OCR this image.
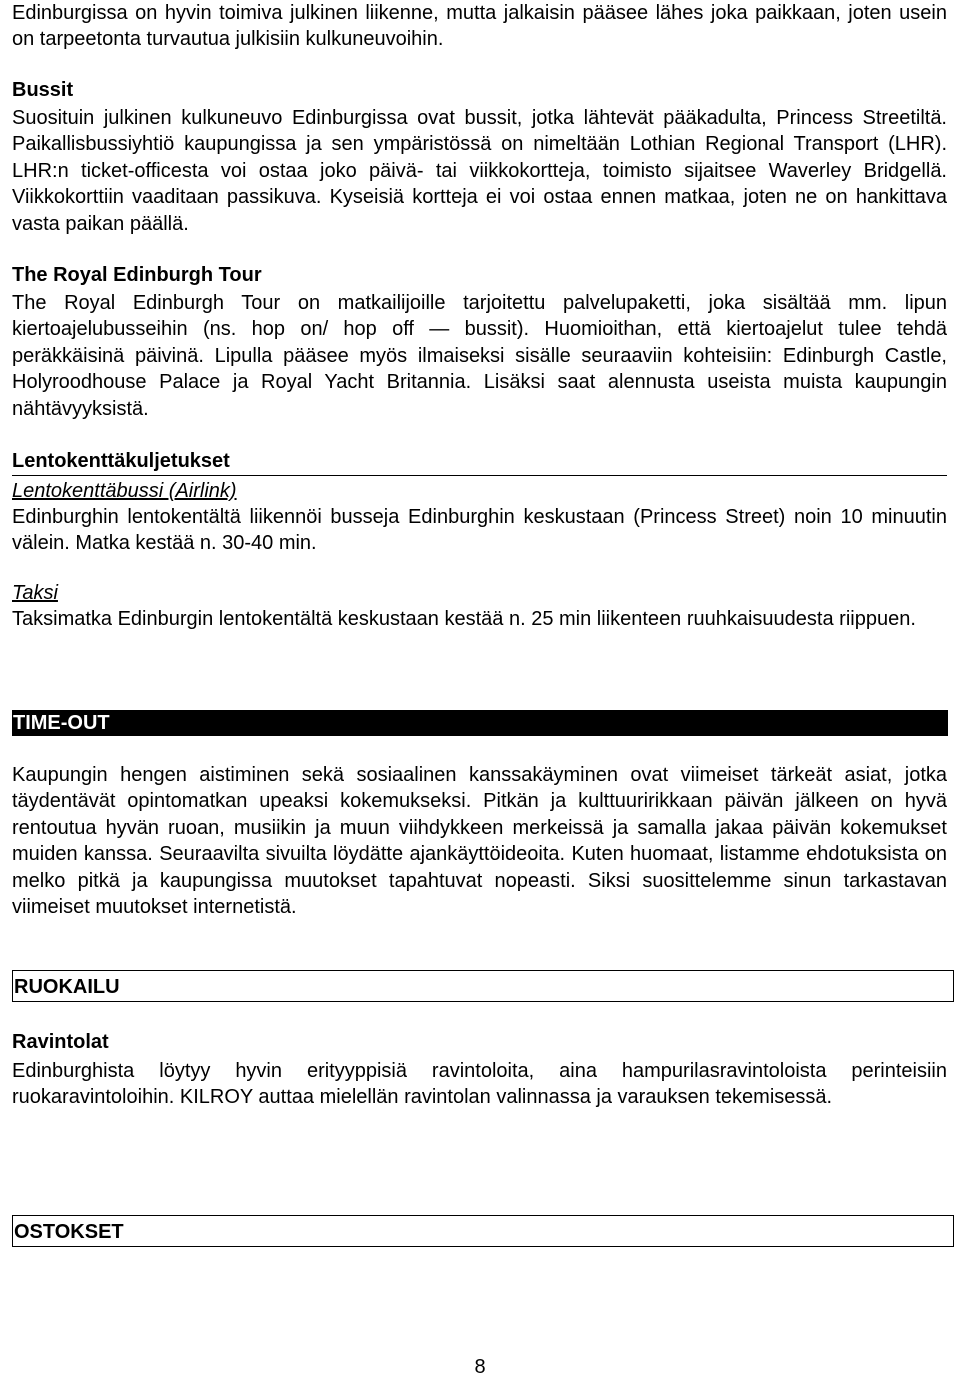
Edinburgissa on hyvin toimiva julkinen liikenne, mutta jalkaisin pääsee lähes joka paikkaan, joten usein on tarpeetonta turvautua julkisiin kulkuneuvoihin.

Bussit

Suosituin julkinen kulkuneuvo Edinburgissa ovat bussit, jotka lähtevät pääkadulta, Princess Streetiltä. Paikallisbussiyhtiö kaupungissa ja sen ympäristössä on nimeltään Lothian Regional Transport (LHR). LHR:n ticket-officesta voi ostaa joko päivä- tai viikkokortteja, toimisto sijaitsee Waverley Bridgellä. Viikkokorttiin vaaditaan passikuva. Kyseisiä kortteja ei voi ostaa ennen matkaa, joten ne on hankittava vasta paikan päällä.

The Royal Edinburgh Tour

The Royal Edinburgh Tour on matkailijoille tarjoitettu palvelupaketti, joka sisältää mm. lipun kiertoajelubusseihin (ns. hop on/ hop off — bussit). Huomioithan, että kiertoajelut tulee tehdä peräkkäisinä päivinä. Lipulla pääsee myös ilmaiseksi sisälle seuraaviin kohteisiin: Edinburgh Castle, Holyroodhouse Palace ja Royal Yacht Britannia. Lisäksi saat alennusta useista muista kaupungin nähtävyyksistä.

Lentokenttäkuljetukset

Lentokenttäbussi (Airlink)

Edinburghin lentokentältä liikennöi busseja Edinburghin keskustaan (Princess Street) noin 10 minuutin välein. Matka kestää n. 30-40 min.

Taksi

Taksimatka Edinburgin lentokentältä keskustaan kestää n. 25 min liikenteen ruuhkaisuudesta riippuen.

TIME-OUT

Kaupungin hengen aistiminen sekä sosiaalinen kanssakäyminen ovat viimeiset tärkeät asiat, jotka täydentävät opintomatkan upeaksi kokemukseksi. Pitkän ja kulttuuririkkaan päivän jälkeen on hyvä rentoutua hyvän ruoan, musiikin ja muun viihdykkeen merkeissä ja samalla jakaa päivän kokemukset muiden kanssa. Seuraavilta sivuilta löydätte ajankäyttöideoita. Kuten huomaat, listamme ehdotuksista on melko pitkä ja kaupungissa muutokset tapahtuvat nopeasti. Siksi suosittelemme sinun tarkastavan viimeiset muutokset internetistä.

RUOKAILU

Ravintolat

Edinburghista löytyy hyvin erityyppisiä ravintoloita, aina hampurilasravintoloista perinteisiin ruokaravintoloihin. KILROY auttaa mielellän ravintolan valinnassa ja varauksen tekemisessä.

OSTOKSET
8
